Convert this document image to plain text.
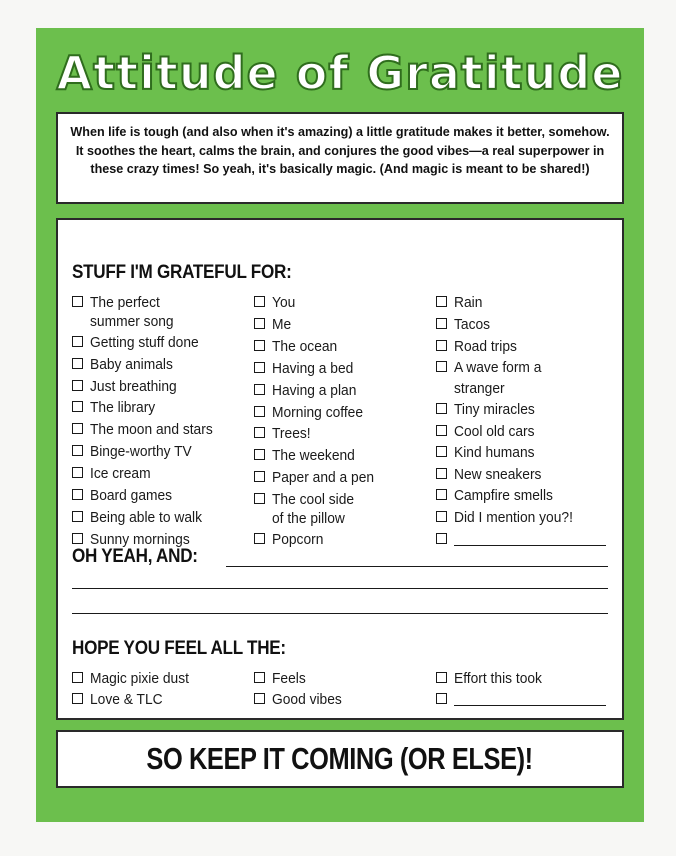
Attitude of Gratitude
When life is tough (and also when it's amazing) a little gratitude makes it better, somehow. It soothes the heart, calms the brain, and conjures the good vibes—a real superpower in these crazy times! So yeah, it's basically magic. (And magic is meant to be shared!)
STUFF I'M GRATEFUL FOR:
The perfect
summer song
Getting stuff done
Baby animals
Just breathing
The library
The moon and stars
Binge-worthy TV
Ice cream
Board games
Being able to walk
Sunny mornings
You
Me
The ocean
Having a bed
Having a plan
Morning coffee
Trees!
The weekend
Paper and a pen
The cool side
of the pillow
Popcorn
Rain
Tacos
Road trips
A wave form a
stranger
Tiny miracles
Cool old cars
Kind humans
New sneakers
Campfire smells
Did I mention you?!
OH YEAH, AND:
HOPE YOU FEEL ALL THE:
Magic pixie dust
Love & TLC
Feels
Good vibes
Effort this took
SO KEEP IT COMING (OR ELSE)!
